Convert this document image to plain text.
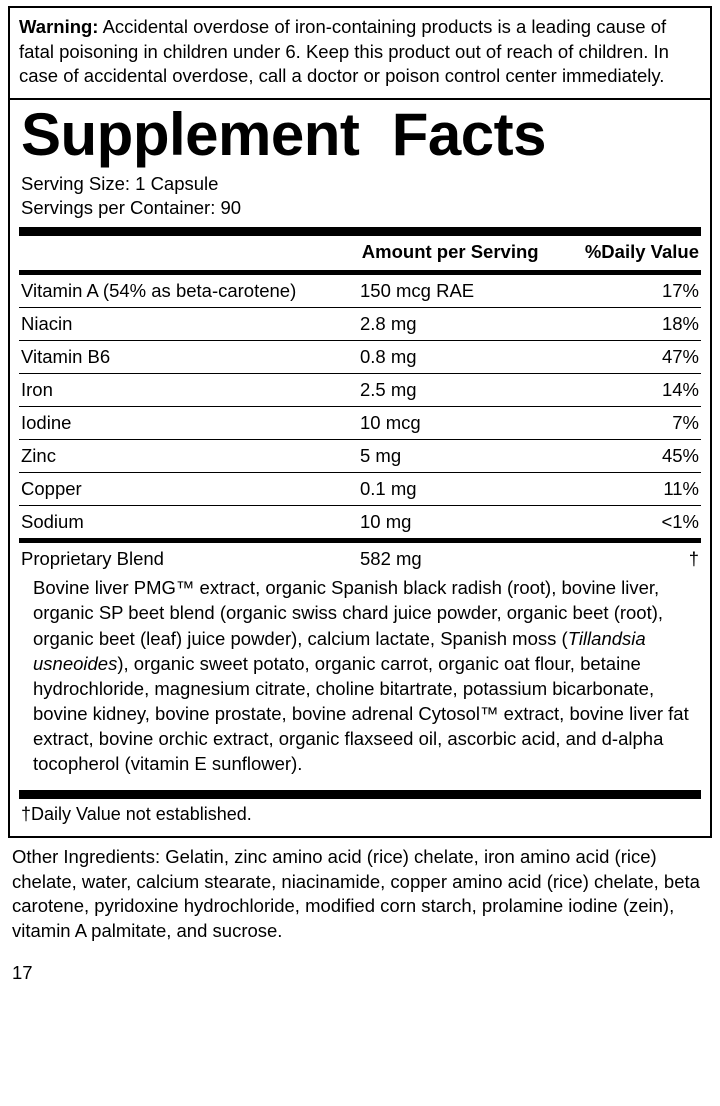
Warning: Accidental overdose of iron-containing products is a leading cause of fatal poisoning in children under 6. Keep this product out of reach of children. In case of accidental overdose, call a doctor or poison control center immediately.
Supplement  Facts
Serving Size: 1 Capsule
Servings per Container: 90
	Amount per Serving	%Daily Value
Vitamin A (54% as beta-carotene)	150 mcg RAE	17%

Niacin	2.8 mg	18%

Vitamin B6	0.8 mg	47%

Iron	2.5 mg	14%

Iodine	10 mcg	7%

Zinc	5 mg	45%

Copper	0.1 mg	11%

Sodium	10 mg	<1%
Proprietary Blend	582 mg	†
Bovine liver PMG™ extract, organic Spanish black radish (root), bovine liver, organic SP beet blend (organic swiss chard juice powder, organic beet (root), organic beet (leaf) juice powder), calcium lactate, Spanish moss (Tillandsia usneoides), organic sweet potato, organic carrot, organic oat flour, betaine hydrochloride, magnesium citrate, choline bitartrate, potassium bicarbonate, bovine kidney, bovine prostate, bovine adrenal Cytosol™ extract, bovine liver fat extract, bovine orchic extract, organic flaxseed oil, ascorbic acid, and d-alpha tocopherol (vitamin E sunflower).
†Daily Value not established.
Other Ingredients: Gelatin, zinc amino acid (rice) chelate, iron amino acid (rice) chelate, water, calcium stearate, niacinamide, copper amino acid (rice) chelate, beta carotene, pyridoxine hydrochloride, modified corn starch, prolamine iodine (zein), vitamin A palmitate, and sucrose.
17
